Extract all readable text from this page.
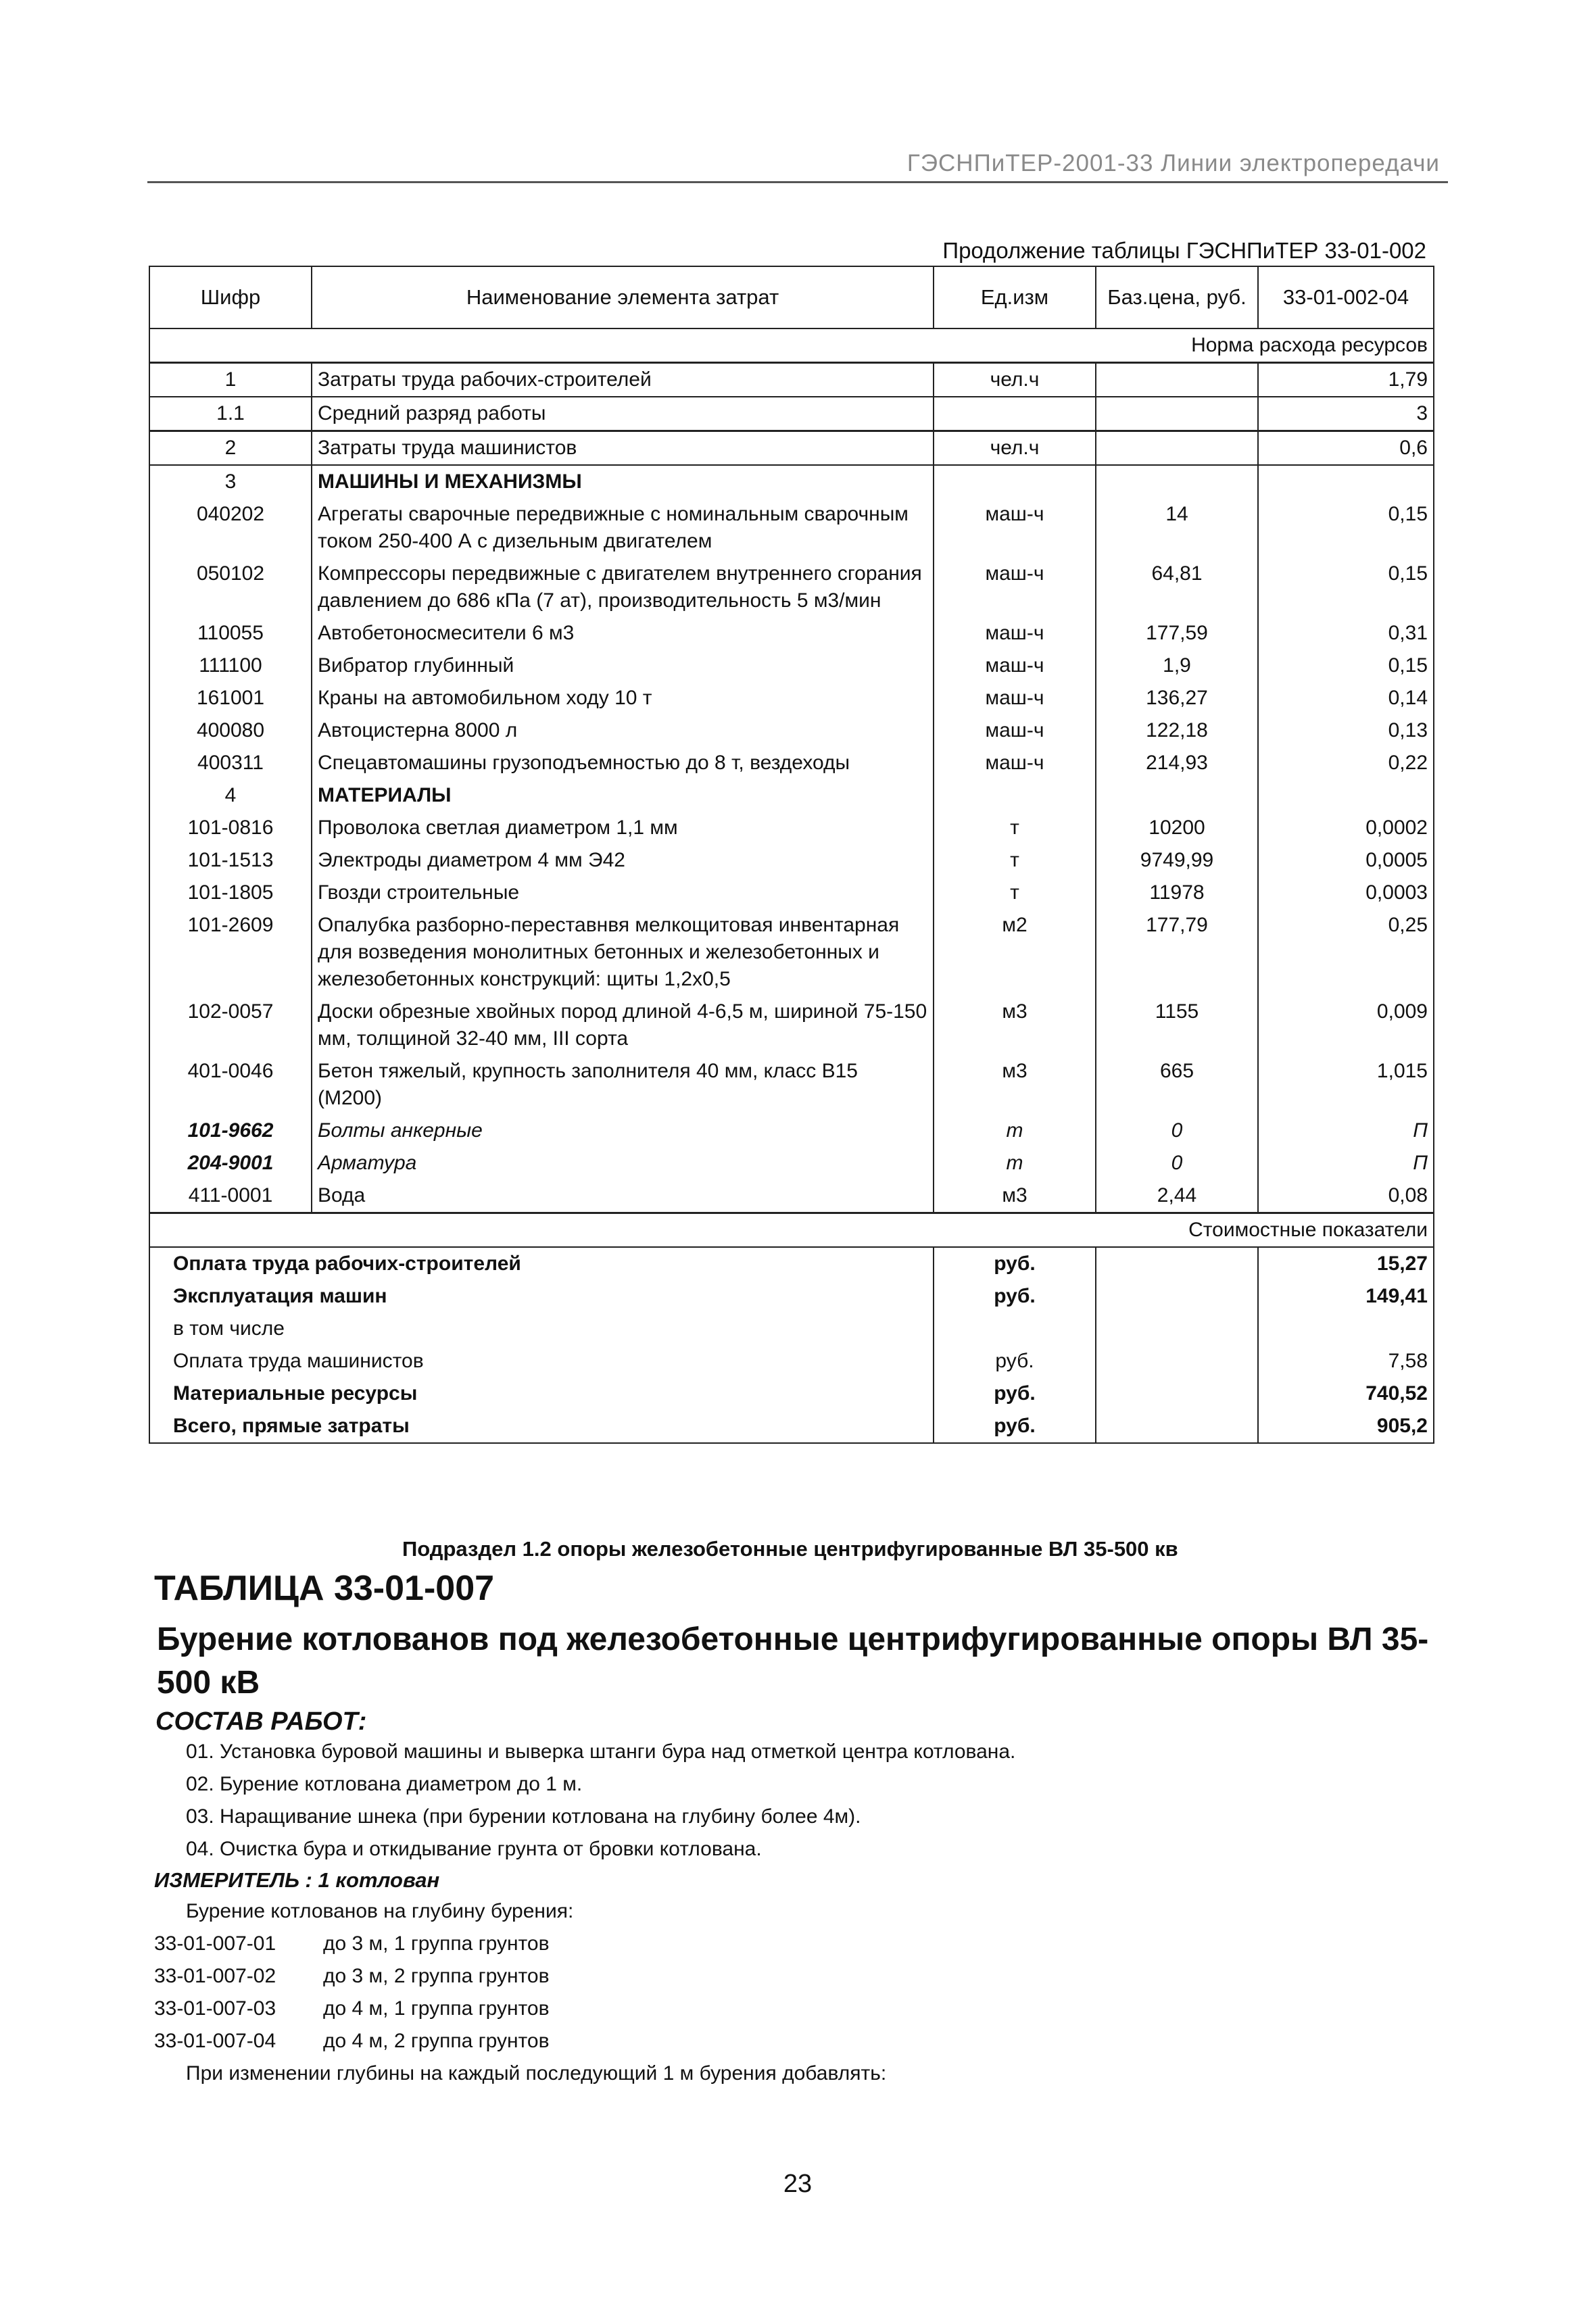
ГЭСНПиТЕР-2001-33 Линии электропередачи
Продолжение таблицы ГЭСНПиТЕР 33-01-002
Шифр	Наименование элемента затрат	Ед.изм	Баз.цена, руб.	33-01-002-04
Норма расхода ресурсов				
1	Затраты труда рабочих-строителей	чел.ч		1,79
1.1	Средний разряд работы			3
2	Затраты труда машинистов	чел.ч		0,6
3	МАШИНЫ И МЕХАНИЗМЫ			
040202	Агрегаты сварочные передвижные с номинальным сварочным током 250-400 А с дизельным двигателем	маш-ч	14	0,15
050102	Компрессоры передвижные с двигателем внутреннего сгорания давлением до 686 кПа (7 ат), производительность 5 м3/мин	маш-ч	64,81	0,15
110055	Автобетоносмесители 6 м3	маш-ч	177,59	0,31
111100	Вибратор глубинный	маш-ч	1,9	0,15
161001	Краны на автомобильном ходу 10 т	маш-ч	136,27	0,14
400080	Автоцистерна 8000 л	маш-ч	122,18	0,13
400311	Спецавтомашины грузоподъемностью до 8 т, вездеходы	маш-ч	214,93	0,22
4	МАТЕРИАЛЫ			
101-0816	Проволока светлая диаметром 1,1 мм	т	10200	0,0002
101-1513	Электроды диаметром 4 мм Э42	т	9749,99	0,0005
101-1805	Гвозди строительные	т	11978	0,0003
101-2609	Опалубка разборно-переставнвя мелкощитовая инвентарная для возведения монолитных бетонных и железобетонных и железобетонных конструкций: щиты 1,2х0,5	м2	177,79	0,25
102-0057	Доски обрезные хвойных пород длиной 4-6,5 м, шириной 75-150 мм, толщиной 32-40 мм, III сорта	м3	1155	0,009
401-0046	Бетон тяжелый, крупность заполнителя 40 мм, класс В15 (М200)	м3	665	1,015
101-9662	Болты анкерные	т	0	П
204-9001	Арматура	т	0	П
411-0001	Вода	м3	2,44	0,08
Стоимостные показатели				
Оплата труда рабочих-строителей		руб.		15,27
Эксплуатация машин		руб.		149,41
в том числе				
Оплата труда машинистов		руб.		7,58
Материальные ресурсы		руб.		740,52
Всего, прямые затраты		руб.		905,2
Подраздел 1.2 опоры железобетонные центрифугированные ВЛ 35-500 кв
ТАБЛИЦА 33-01-007
Бурение котлованов под железобетонные центрифугированные опоры ВЛ 35-500 кВ
СОСТАВ РАБОТ:
01. Установка буровой машины и выверка штанги бура над отметкой центра котлована.
02. Бурение котлована диаметром до 1 м.
03. Наращивание шнека (при бурении котлована на глубину более 4м).
04. Очистка бура и откидывание грунта от бровки котлована.
ИЗМЕРИТЕЛЬ : 1 котлован
Бурение котлованов на глубину бурения:
33-01-007-01 до 3 м, 1 группа грунтов
33-01-007-02 до 3 м, 2 группа грунтов
33-01-007-03 до 4 м, 1 группа грунтов
33-01-007-04 до 4 м, 2 группа грунтов
При изменении глубины на каждый последующий 1 м бурения добавлять:
23
